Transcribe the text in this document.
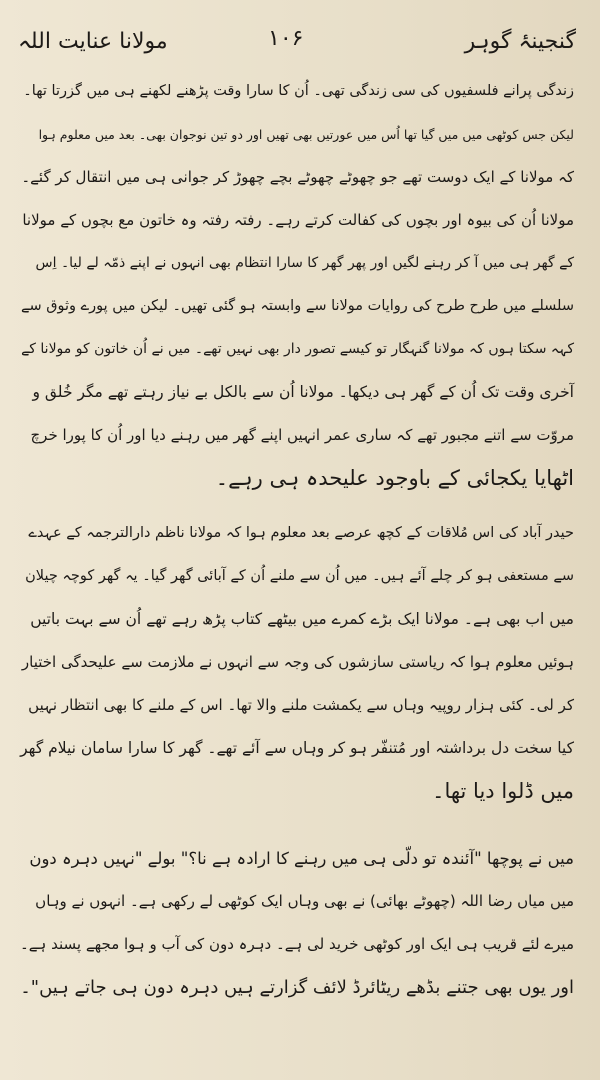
مولانا عنایت اللہ	۱۰۶	گنجینۂ گوہر
زندگی پرانے فلسفیوں کی سی زندگی تھی۔ اُن کا سارا وقت پڑھنے لکھنے ہی میں گزرتا تھا۔
لیکن جس کوٹھی میں میں گیا تھا اُس میں عورتیں بھی تھیں اور دو تین نوجوان بھی۔ بعد میں معلوم ہوا
کہ مولانا کے ایک دوست تھے جو چھوٹے چھوٹے بچے چھوڑ کر جوانی ہی میں انتقال کر گئے۔
مولانا اُن کی بیوہ اور بچوں کی کفالت کرتے رہے۔ رفتہ رفتہ وہ خاتون مع بچوں کے مولانا
کے گھر ہی میں آ کر رہنے لگیں اور پھر گھر کا سارا انتظام بھی انہوں نے اپنے ذمّہ لے لیا۔ اِس
سلسلے میں طرح طرح کی روایات مولانا سے وابستہ ہو گئی تھیں۔ لیکن میں پورے وثوق سے
کہہ سکتا ہوں کہ مولانا گنہگار تو کیسے تصور دار بھی نہیں تھے۔ میں نے اُن خاتون کو مولانا کے
آخری وقت تک اُن کے گھر ہی دیکھا۔ مولانا اُن سے بالکل بے نیاز رہتے تھے مگر خُلق و
مروّت سے اتنے مجبور تھے کہ ساری عمر انہیں اپنے گھر میں رہنے دیا اور اُن کا پورا خرچ
اٹھایا یکجائی کے باوجود علیحدہ ہی رہے۔
حیدر آباد کی اس مُلاقات کے کچھ عرصے بعد معلوم ہوا کہ مولانا ناظم دارالترجمہ کے عہدے
سے مستعفی ہو کر چلے آئے ہیں۔ میں اُن سے ملنے اُن کے آبائی گھر گیا۔ یہ گھر کوچہ چیلان
میں اب بھی ہے۔ مولانا ایک بڑے کمرے میں بیٹھے کتاب پڑھ رہے تھے اُن سے بہت باتیں
ہوئیں معلوم ہوا کہ ریاستی سازشوں کی وجہ سے انہوں نے ملازمت سے علیحدگی اختیار
کر لی۔ کئی ہزار روپیہ وہاں سے یکمشت ملنے والا تھا۔ اس کے ملنے کا بھی انتظار نہیں
کیا سخت دل برداشتہ اور مُتنفّر ہو کر وہاں سے آئے تھے۔ گھر کا سارا سامان نیلام گھر
میں ڈلوا دیا تھا۔
میں نے پوچھا "آئندہ تو دلّی ہی میں رہنے کا ارادہ ہے نا؟" بولے "نہیں دہرہ دون
میں میاں رضا اللہ (چھوٹے بھائی) نے بھی وہاں ایک کوٹھی لے رکھی ہے۔ انہوں نے وہاں
میرے لئے قریب ہی ایک اور کوٹھی خرید لی ہے۔ دہرہ دون کی آب و ہوا مجھے پسند ہے۔
اور یوں بھی جتنے بڈھے ریٹائرڈ لائف گزارتے ہیں دہرہ دون ہی جاتے ہیں"۔
